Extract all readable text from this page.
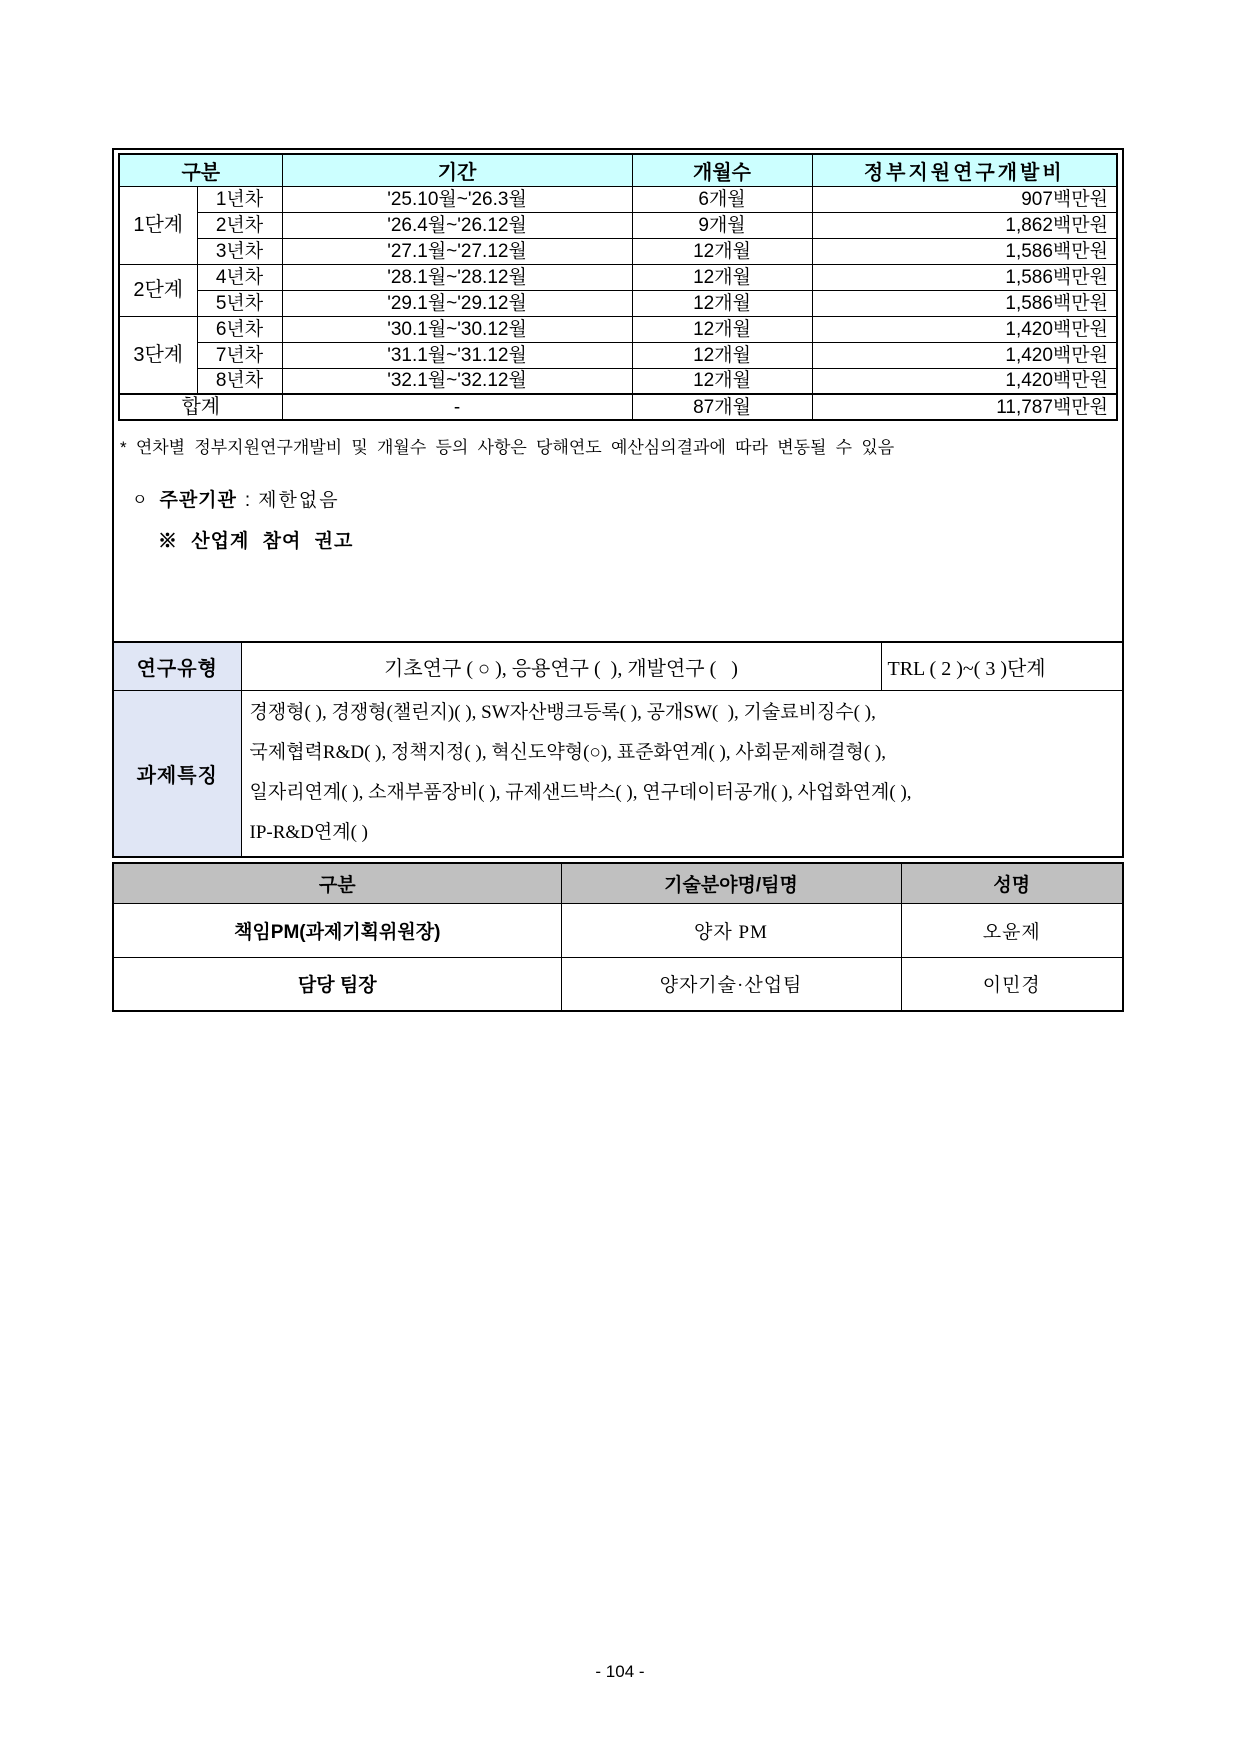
구분		기간	개월수	정부지원연구개발비
1단계	1년차	'25.10월~'26.3월	6개월	907백만원
	2년차	'26.4월~'26.12월	9개월	1,862백만원
	3년차	'27.1월~'27.12월	12개월	1,586백만원
2단계	4년차	'28.1월~'28.12월	12개월	1,586백만원
	5년차	'29.1월~'29.12월	12개월	1,586백만원
3단계	6년차	'30.1월~'30.12월	12개월	1,420백만원
	7년차	'31.1월~'31.12월	12개월	1,420백만원
	8년차	'32.1월~'32.12월	12개월	1,420백만원
합계		-	87개월	11,787백만원

* 연차별 정부지원연구개발비 및 개월수 등의 사항은 당해연도 예산심의결과에 따라 변동될 수 있음

ㅇ 주관기관 : 제한없음

※ 산업계 참여 권고

연구유형	기초연구 ( ○ ), 응용연구 (  ), 개발연구 (   )	TRL ( 2 )~( 3 )단계
과제특징	경쟁형( ), 경쟁형(챌린지)( ), SW자산뱅크등록( ), 공개SW(  ), 기술료비징수( ),
국제협력R&D( ), 정책지정( ), 혁신도약형(○), 표준화연계( ), 사회문제해결형( ),
일자리연계( ), 소재부품장비( ), 규제샌드박스( ), 연구데이터공개( ), 사업화연계( ),
IP-R&D연계( )	
구분	기술분야명/팀명	성명
책임PM(과제기획위원장)	양자 PM	오윤제
담당 팀장	양자기술·산업팀	이민경
- 104 -
